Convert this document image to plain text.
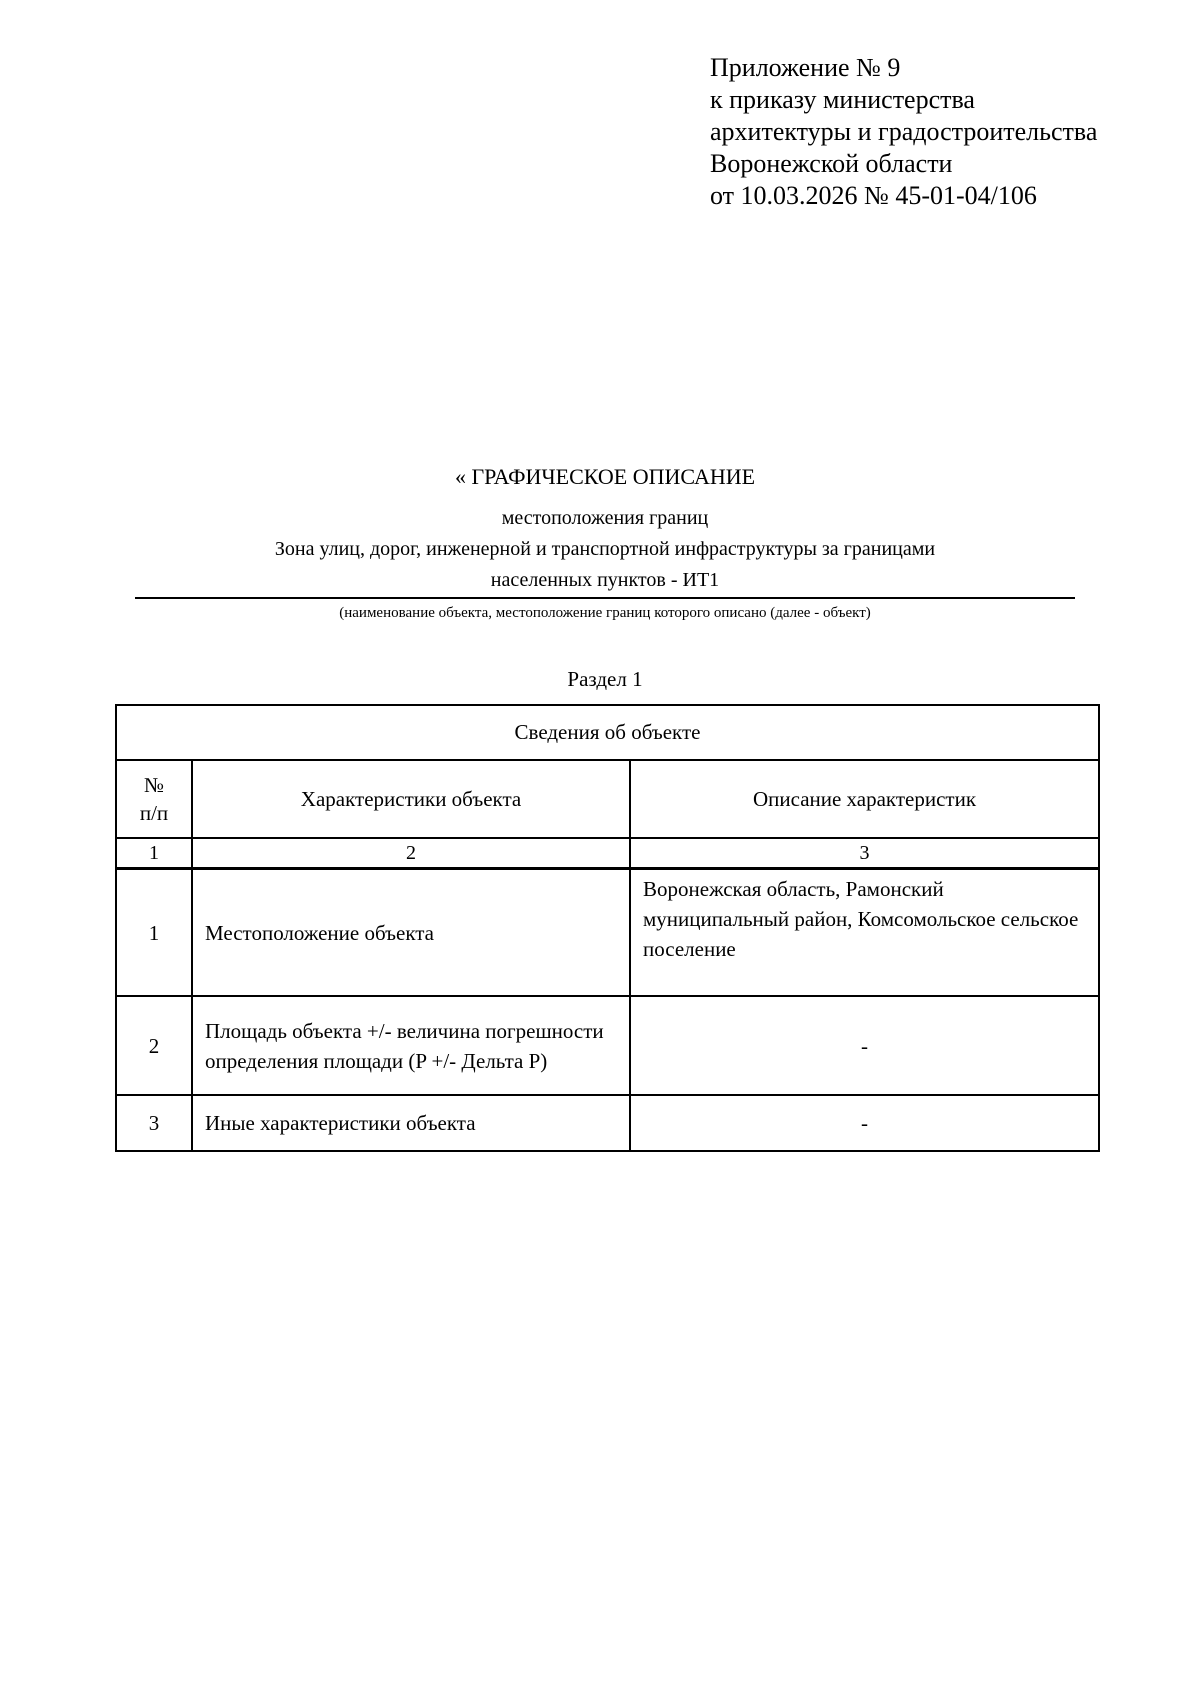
Приложение № 9
к приказу министерства
архитектуры и градостроительства
Воронежской области
от 10.03.2026 № 45-01-04/106
« ГРАФИЧЕСКОЕ ОПИСАНИЕ
местоположения границ
Зона улиц, дорог, инженерной и транспортной инфраструктуры за границами
населенных пунктов - ИТ1
(наименование объекта, местоположение границ которого описано (далее - объект)
Раздел 1
Сведения об объекте		

№
п/п	Характеристики объекта	Описание характеристик
1	2	3
1	Местоположение объекта	Воронежская область, Рамонский муниципальный район, Комсомольское сельское поселение
2	Площадь объекта +/- величина погрешности определения площади (P +/- Дельта P)	-
3	Иные характеристики объекта	-
